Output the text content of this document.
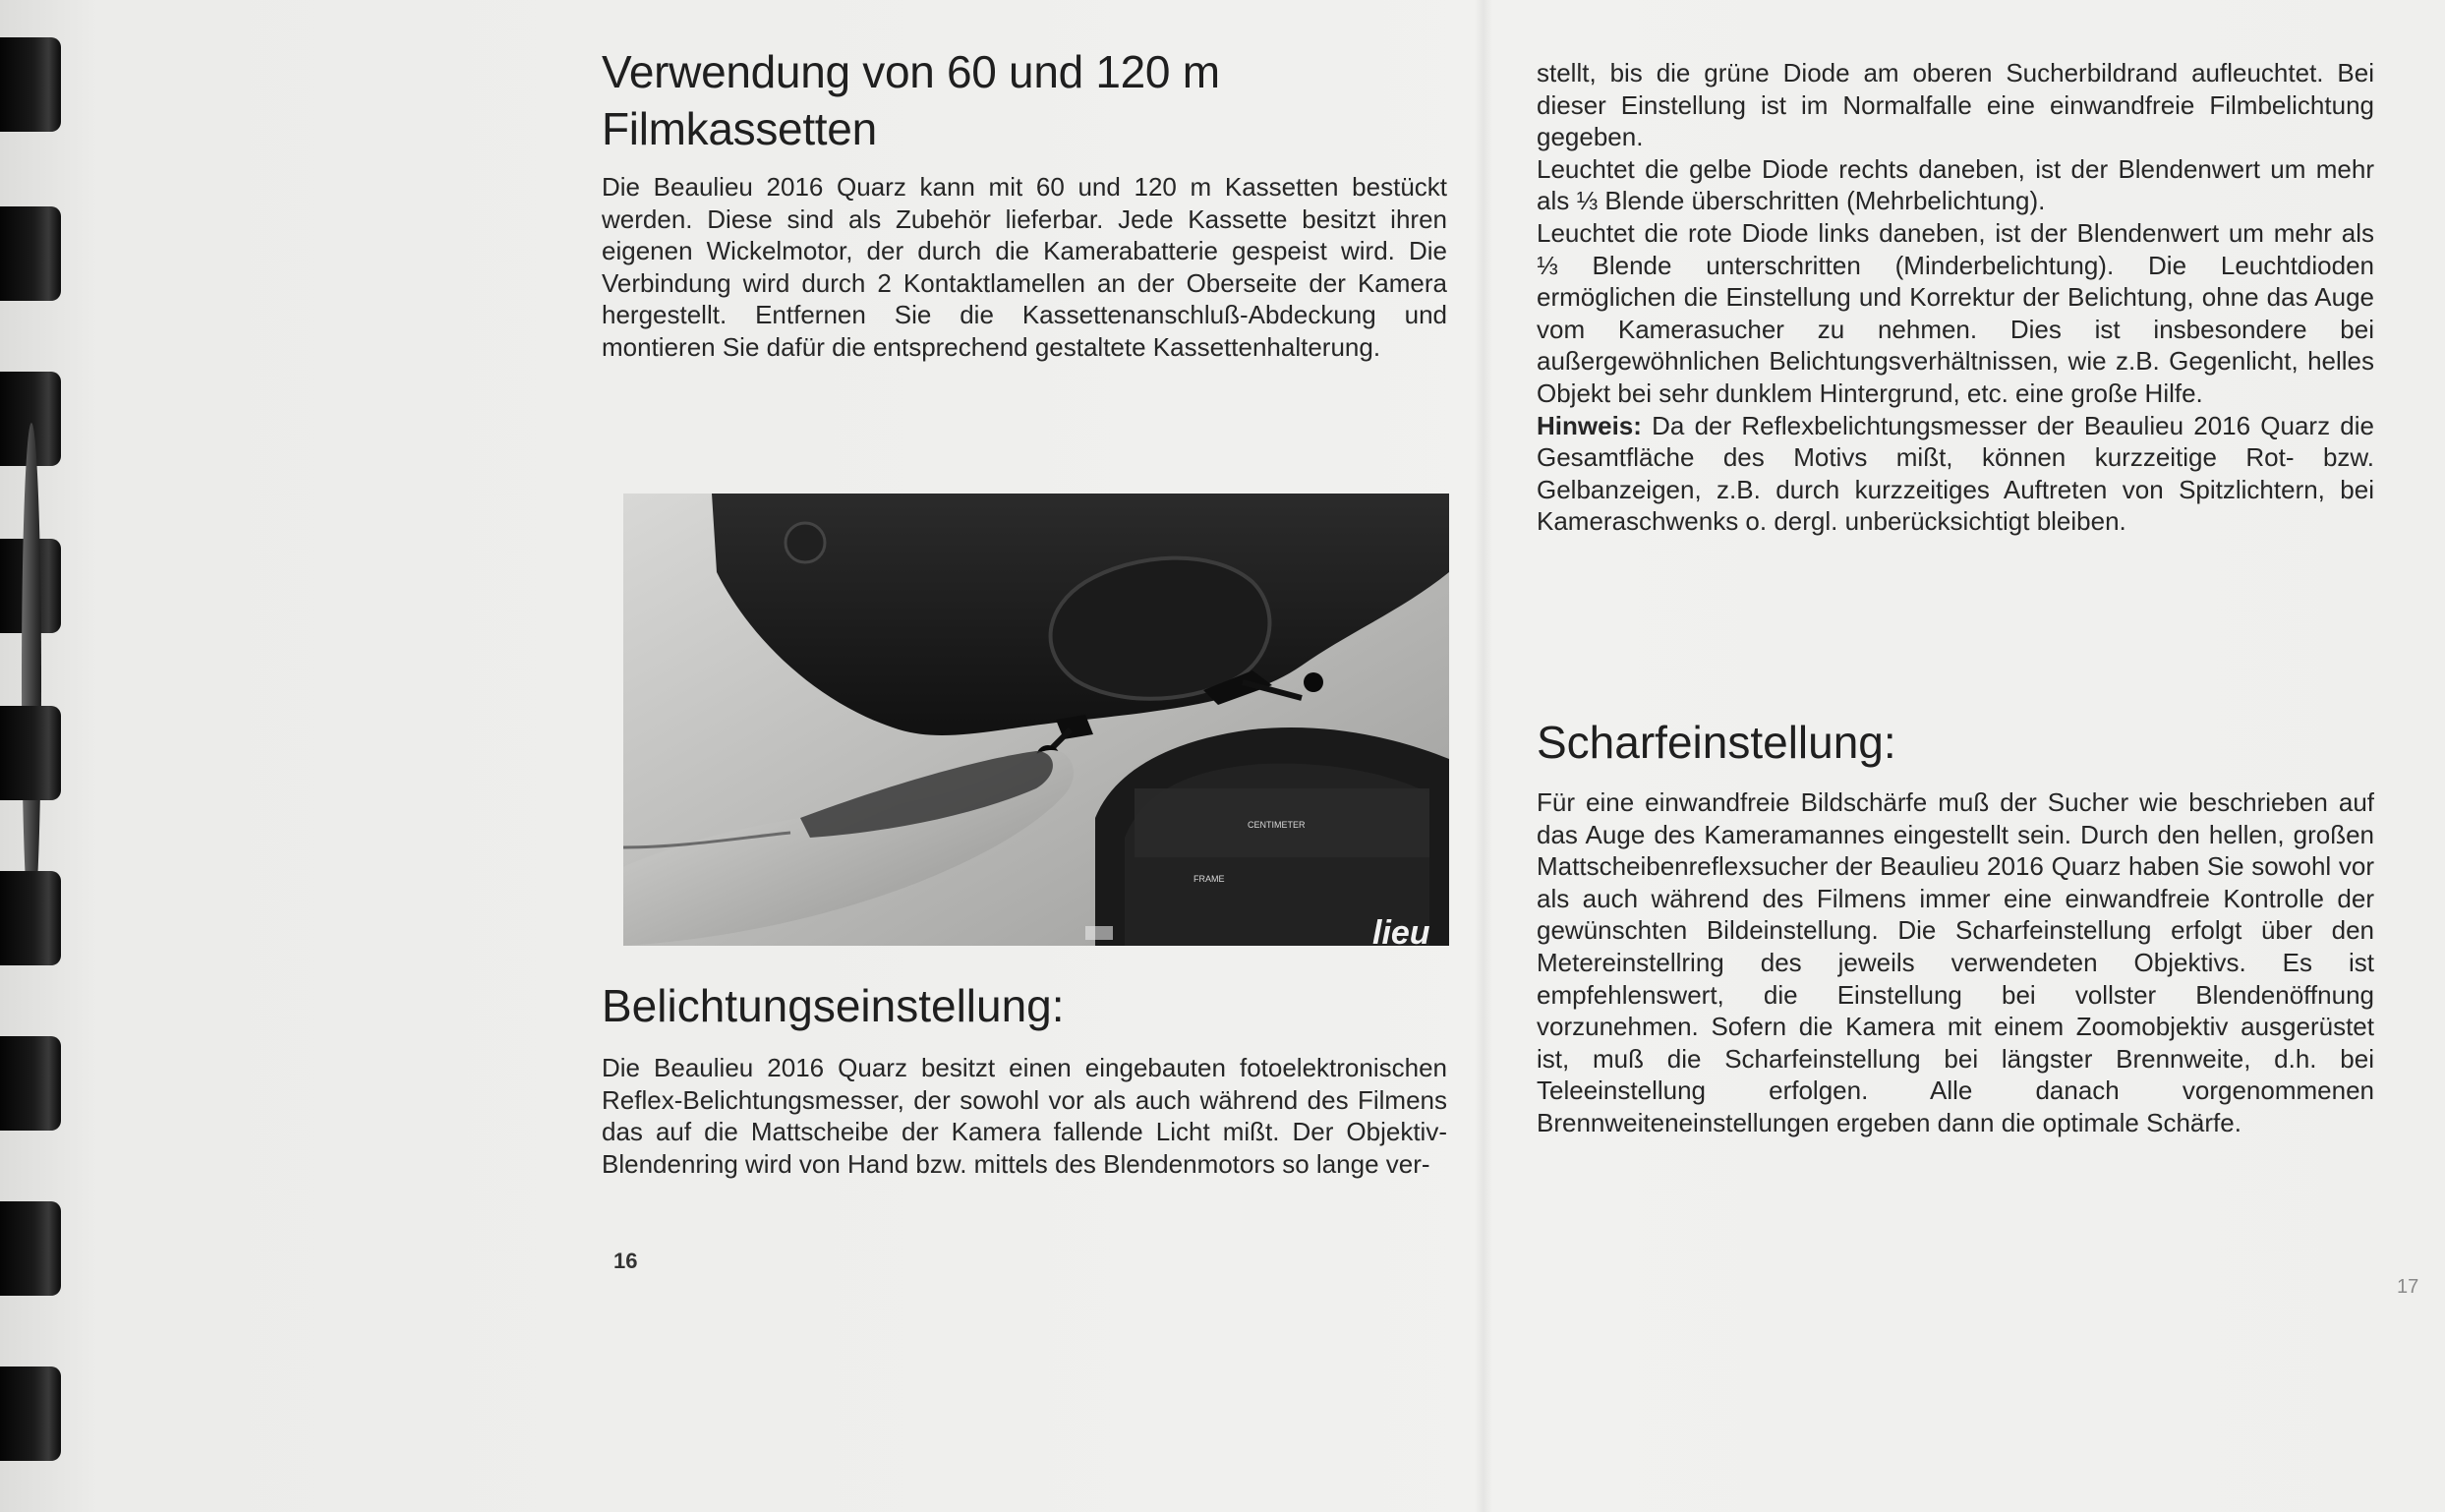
Verwendung von 60 und 120 m Filmkassetten

Die Beaulieu 2016 Quarz kann mit 60 und 120 m Kassetten bestückt werden. Diese sind als Zubehör lieferbar. Jede Kassette besitzt ihren eigenen Wickelmotor, der durch die Kamerabatterie gespeist wird. Die Verbindung wird durch 2 Kontaktlamellen an der Oberseite der Kamera hergestellt. Entfernen Sie die Kassettenanschluß-Abdeckung und montieren Sie dafür die entsprechend gestaltete Kassettenhalterung.

CENTIMETER
FRAME
lieu
Belichtungseinstellung:

Die Beaulieu 2016 Quarz besitzt einen eingebauten fotoelektronischen Reflex-Belichtungsmesser, der sowohl vor als auch während des Filmens das auf die Mattscheibe der Kamera fallende Licht mißt. Der Objektiv-Blendenring wird von Hand bzw. mittels des Blendenmotors so lange ver-

16

stellt, bis die grüne Diode am oberen Sucherbildrand aufleuchtet. Bei dieser Einstellung ist im Normalfalle eine einwandfreie Filmbelichtung gegeben.

Leuchtet die gelbe Diode rechts daneben, ist der Blendenwert um mehr als ⅓ Blende überschritten (Mehrbelichtung).

Leuchtet die rote Diode links daneben, ist der Blendenwert um mehr als ⅓ Blende unterschritten (Minderbelichtung). Die Leuchtdioden ermöglichen die Einstellung und Korrektur der Belichtung, ohne das Auge vom Kamerasucher zu nehmen. Dies ist insbesondere bei außergewöhnlichen Belichtungsverhältnissen, wie z.B. Gegenlicht, helles Objekt bei sehr dunklem Hintergrund, etc. eine große Hilfe.

Hinweis: Da der Reflexbelichtungsmesser der Beaulieu 2016 Quarz die Gesamtfläche des Motivs mißt, können kurzzeitige Rot- bzw. Gelbanzeigen, z.B. durch kurzzeitiges Auftreten von Spitzlichtern, bei Kameraschwenks o. dergl. unberücksichtigt bleiben.

Scharfeinstellung:

Für eine einwandfreie Bildschärfe muß der Sucher wie beschrieben auf das Auge des Kameramannes eingestellt sein. Durch den hellen, großen Mattscheibenreflexsucher der Beaulieu 2016 Quarz haben Sie sowohl vor als auch während des Filmens immer eine einwandfreie Kontrolle der gewünschten Bildeinstellung. Die Scharfeinstellung erfolgt über den Metereinstellring des jeweils verwendeten Objektivs. Es ist empfehlenswert, die Einstellung bei vollster Blendenöffnung vorzunehmen. Sofern die Kamera mit einem Zoomobjektiv ausgerüstet ist, muß die Scharfeinstellung bei längster Brennweite, d.h. bei Teleeinstellung erfolgen. Alle danach vorgenommenen Brennweiteneinstellungen ergeben dann die optimale Schärfe.

17
